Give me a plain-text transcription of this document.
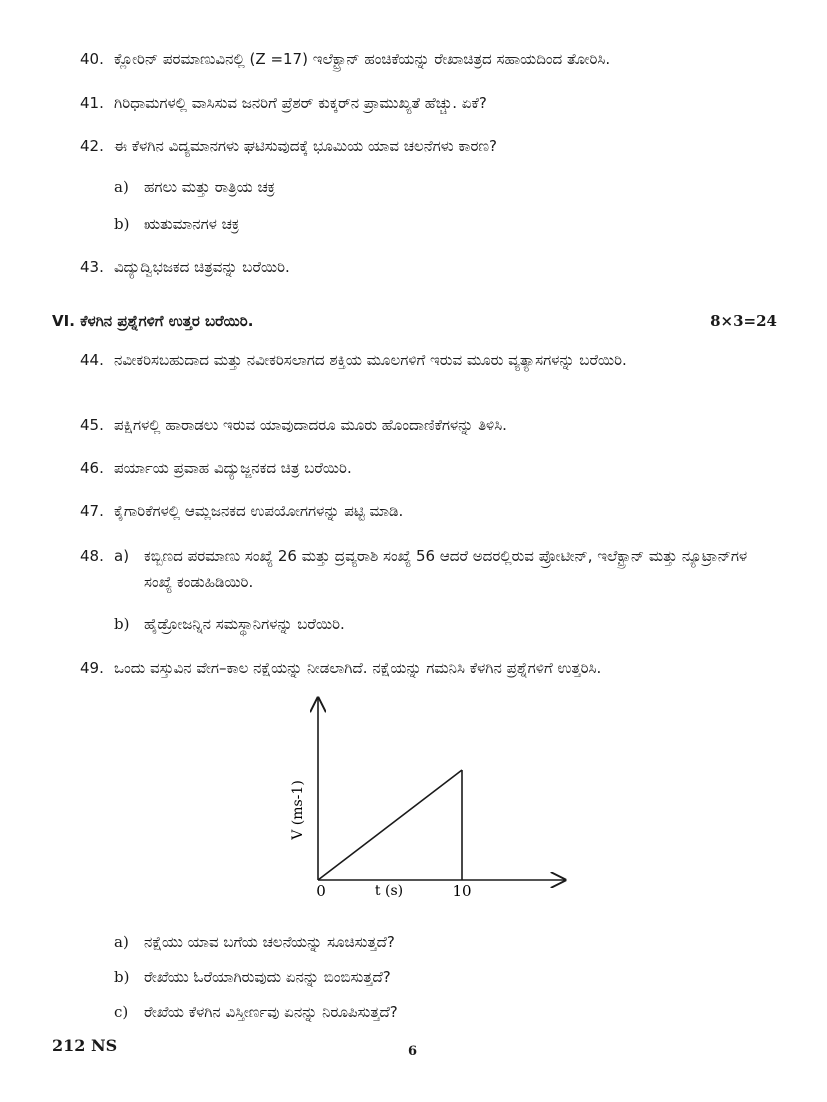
40. ಕ್ಲೋರಿನ್ ಪರಮಾಣುವಿನಲ್ಲಿ (Z =17) ಇಲೆಕ್ಟ್ರಾನ್ ಹಂಚಿಕೆಯನ್ನು ರೇಖಾಚಿತ್ರದ ಸಹಾಯದಿಂದ ತೋರಿಸಿ.
41. ಗಿರಿಧಾಮಗಳಲ್ಲಿ ವಾಸಿಸುವ ಜನರಿಗೆ ಪ್ರೆಶರ್ ಕುಕ್ಕರ್‌ನ ಪ್ರಾಮುಖ್ಯತೆ ಹೆಚ್ಚು. ಏಕೆ?
42. ಈ ಕೆಳಗಿನ ವಿದ್ಯಮಾನಗಳು ಘಟಿಸುವುದಕ್ಕೆ ಭೂಮಿಯ ಯಾವ ಚಲನೆಗಳು ಕಾರಣ?
a)	ಹಗಲು ಮತ್ತು ರಾತ್ರಿಯ ಚಕ್ರ
b) ಋತುಮಾನಗಳ ಚಕ್ರ
43. ವಿದ್ಯುದ್ವಿಭಜಕದ ಚಿತ್ರವನ್ನು ಬರೆಯಿರಿ.
VI. ಕೆಳಗಿನ ಪ್ರಶ್ನೆಗಳಿಗೆ ಉತ್ತರ ಬರೆಯಿರಿ.	8×3=24
44. ನವೀಕರಿಸಬಹುದಾದ ಮತ್ತು ನವೀಕರಿಸಲಾಗದ ಶಕ್ತಿಯ ಮೂಲಗಳಿಗೆ ಇರುವ ಮೂರು ವ್ಯತ್ಯಾಸಗಳನ್ನು ಬರೆಯಿರಿ.
45. ಪಕ್ಷಿಗಳಲ್ಲಿ ಹಾರಾಡಲು ಇರುವ ಯಾವುದಾದರೂ ಮೂರು ಹೊಂದಾಣಿಕೆಗಳನ್ನು ತಿಳಿಸಿ.
46. ಪರ್ಯಾಯ ಪ್ರವಾಹ ವಿದ್ಯುಜ್ಜನಕದ ಚಿತ್ರ ಬರೆಯಿರಿ.
47. ಕೈಗಾರಿಕೆಗಳಲ್ಲಿ ಆಮ್ಲಜನಕದ ಉಪಯೋಗಗಳನ್ನು ಪಟ್ಟಿ ಮಾಡಿ.
48. a) ಕಬ್ಬಿಣದ ಪರಮಾಣು ಸಂಖ್ಯೆ 26 ಮತ್ತು ದ್ರವ್ಯರಾಶಿ ಸಂಖ್ಯೆ 56 ಆದರೆ ಅದರಲ್ಲಿರುವ ಪ್ರೋಟೀನ್, ಇಲೆಕ್ಟ್ರಾನ್ ಮತ್ತು ನ್ಯೂಟ್ರಾನ್‌ಗಳ ಸಂಖ್ಯೆ ಕಂಡುಹಿಡಿಯಿರಿ.
b) ಹೈಡ್ರೋಜನ್ನಿನ ಸಮಸ್ಥಾನಿಗಳನ್ನು ಬರೆಯಿರಿ.
49. ಒಂದು ವಸ್ತುವಿನ ವೇಗ–ಕಾಲ ನಕ್ಷೆಯನ್ನು ನೀಡಲಾಗಿದೆ. ನಕ್ಷೆಯನ್ನು ಗಮನಿಸಿ ಕೆಳಗಿನ ಪ್ರಶ್ನೆಗಳಿಗೆ ಉತ್ತರಿಸಿ.
V (ms-1)
t (s)
0	10
a)	ನಕ್ಷೆಯು ಯಾವ ಬಗೆಯ ಚಲನೆಯನ್ನು ಸೂಚಿಸುತ್ತದೆ?
b) ರೇಖೆಯು ಓರೆಯಾಗಿರುವುದು ಏನನ್ನು ಬಿಂಬಿಸುತ್ತದೆ?
c)	ರೇಖೆಯ ಕೆಳಗಿನ ವಿಸ್ತೀರ್ಣವು ಏನನ್ನು ನಿರೂಪಿಸುತ್ತದೆ?
212 NS	6
